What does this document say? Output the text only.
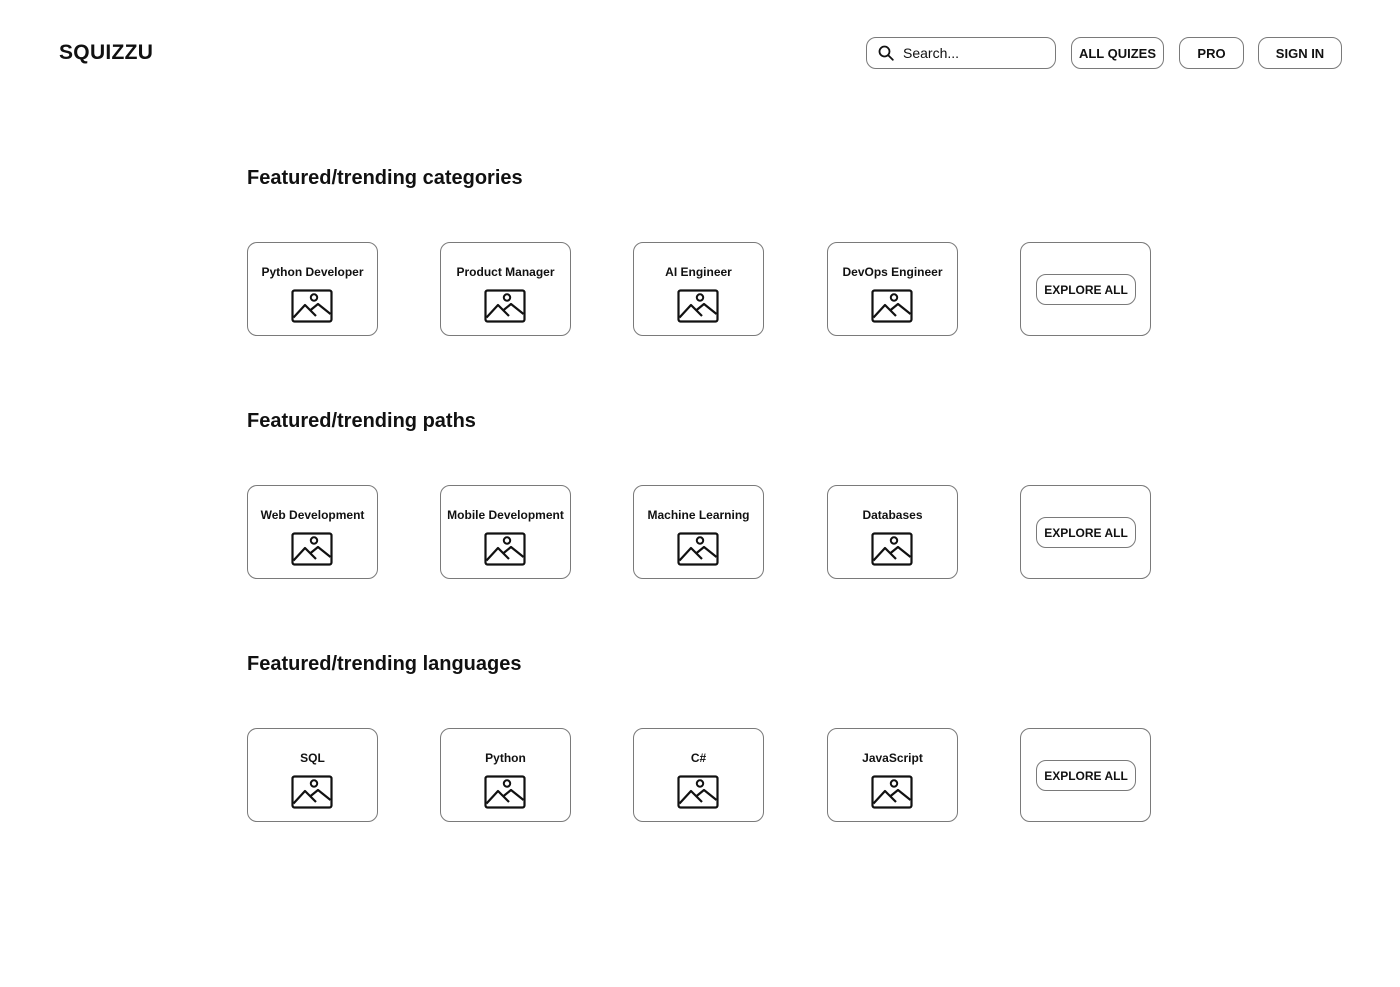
SQUIZZU
Search...	ALL QUIZES	PRO	SIGN IN
Featured/trending categories
Python Developer	Product Manager	AI Engineer	DevOps Engineer
EXPLORE ALL
Featured/trending paths
Web Development	Mobile Development	Machine Learning	Databases
EXPLORE ALL
Featured/trending languages
SQL	Python	C#	JavaScript
EXPLORE ALL
